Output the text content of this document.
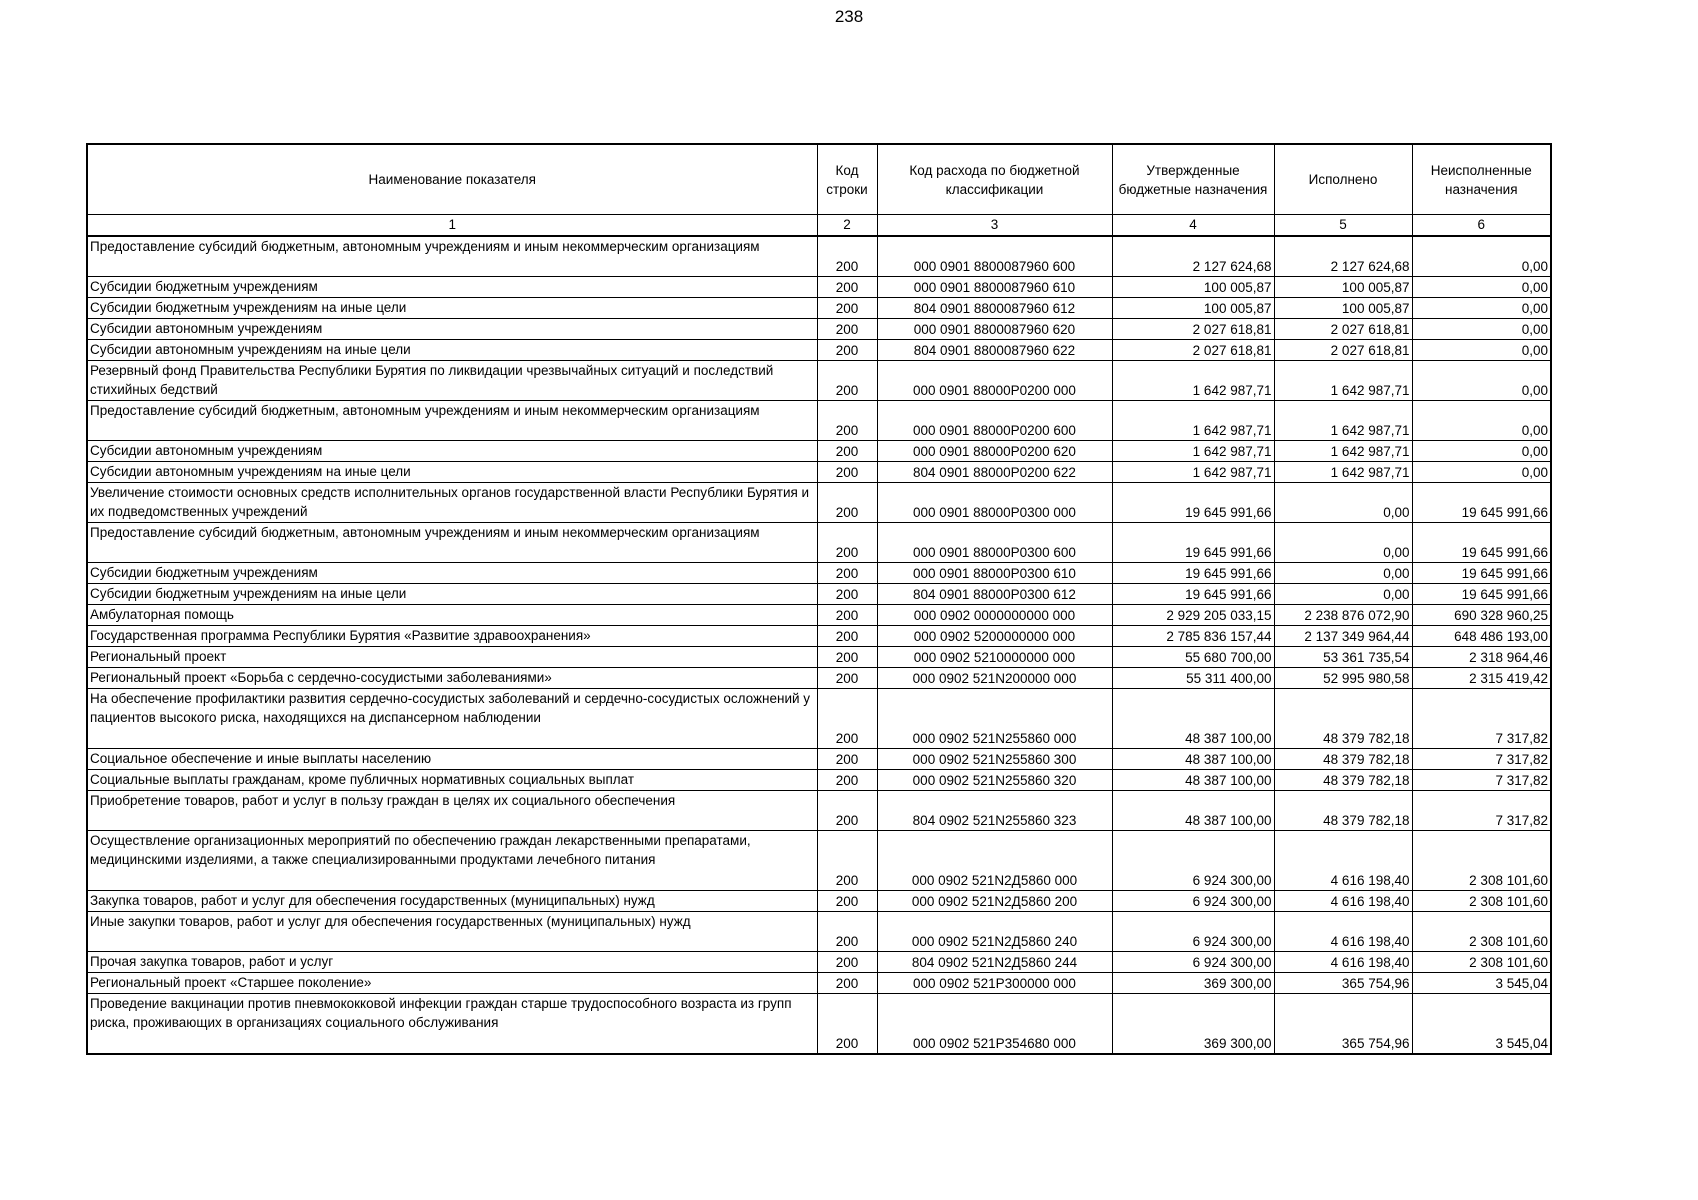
238
Наименование показателя	Код строки	Код расхода по бюджетной классификации	Утвержденные бюджетные назначения	Исполнено	Неисполненные назначения
1	2	3	4	5	6
Предоставление субсидий бюджетным, автономным учреждениям и иным некоммерческим организациям	200	000 0901 8800087960 600	2 127 624,68	2 127 624,68	0,00
Субсидии бюджетным учреждениям	200	000 0901 8800087960 610	100 005,87	100 005,87	0,00
Субсидии бюджетным учреждениям на иные цели	200	804 0901 8800087960 612	100 005,87	100 005,87	0,00
Субсидии автономным учреждениям	200	000 0901 8800087960 620	2 027 618,81	2 027 618,81	0,00
Субсидии автономным учреждениям на иные цели	200	804 0901 8800087960 622	2 027 618,81	2 027 618,81	0,00
Резервный фонд Правительства Республики Бурятия по ликвидации чрезвычайных ситуаций и последствий стихийных бедствий	200	000 0901 88000P0200 000	1 642 987,71	1 642 987,71	0,00
Предоставление субсидий бюджетным, автономным учреждениям и иным некоммерческим организациям	200	000 0901 88000P0200 600	1 642 987,71	1 642 987,71	0,00
Субсидии автономным учреждениям	200	000 0901 88000P0200 620	1 642 987,71	1 642 987,71	0,00
Субсидии автономным учреждениям на иные цели	200	804 0901 88000P0200 622	1 642 987,71	1 642 987,71	0,00
Увеличение стоимости основных средств исполнительных органов государственной власти Республики Бурятия и их подведомственных учреждений	200	000 0901 88000P0300 000	19 645 991,66	0,00	19 645 991,66
Предоставление субсидий бюджетным, автономным учреждениям и иным некоммерческим организациям	200	000 0901 88000P0300 600	19 645 991,66	0,00	19 645 991,66
Субсидии бюджетным учреждениям	200	000 0901 88000P0300 610	19 645 991,66	0,00	19 645 991,66
Субсидии бюджетным учреждениям на иные цели	200	804 0901 88000P0300 612	19 645 991,66	0,00	19 645 991,66
Амбулаторная помощь	200	000 0902 0000000000 000	2 929 205 033,15	2 238 876 072,90	690 328 960,25
Государственная программа Республики Бурятия «Развитие здравоохранения»	200	000 0902 5200000000 000	2 785 836 157,44	2 137 349 964,44	648 486 193,00
Региональный проект	200	000 0902 5210000000 000	55 680 700,00	53 361 735,54	2 318 964,46
Региональный проект «Борьба с сердечно-сосудистыми заболеваниями»	200	000 0902 521N200000 000	55 311 400,00	52 995 980,58	2 315 419,42
На обеспечение профилактики развития сердечно-сосудистых заболеваний и сердечно-сосудистых осложнений у пациентов высокого риска, находящихся на диспансерном наблюдении	200	000 0902 521N255860 000	48 387 100,00	48 379 782,18	7 317,82
Социальное обеспечение и иные выплаты населению	200	000 0902 521N255860 300	48 387 100,00	48 379 782,18	7 317,82
Социальные выплаты гражданам, кроме публичных нормативных социальных выплат	200	000 0902 521N255860 320	48 387 100,00	48 379 782,18	7 317,82
Приобретение товаров, работ и услуг в пользу граждан в целях их социального обеспечения	200	804 0902 521N255860 323	48 387 100,00	48 379 782,18	7 317,82
Осуществление организационных мероприятий по обеспечению граждан лекарственными препаратами, медицинскими изделиями, а также специализированными продуктами лечебного питания	200	000 0902 521N2Д5860 000	6 924 300,00	4 616 198,40	2 308 101,60
Закупка товаров, работ и услуг для обеспечения государственных (муниципальных) нужд	200	000 0902 521N2Д5860 200	6 924 300,00	4 616 198,40	2 308 101,60
Иные закупки товаров, работ и услуг для обеспечения государственных (муниципальных) нужд	200	000 0902 521N2Д5860 240	6 924 300,00	4 616 198,40	2 308 101,60
Прочая закупка товаров, работ и услуг	200	804 0902 521N2Д5860 244	6 924 300,00	4 616 198,40	2 308 101,60
Региональный проект «Старшее поколение»	200	000 0902 521P300000 000	369 300,00	365 754,96	3 545,04
Проведение вакцинации против пневмококковой инфекции граждан старше трудоспособного возраста из групп риска, проживающих в организациях социального обслуживания	200	000 0902 521P354680 000	369 300,00	365 754,96	3 545,04
